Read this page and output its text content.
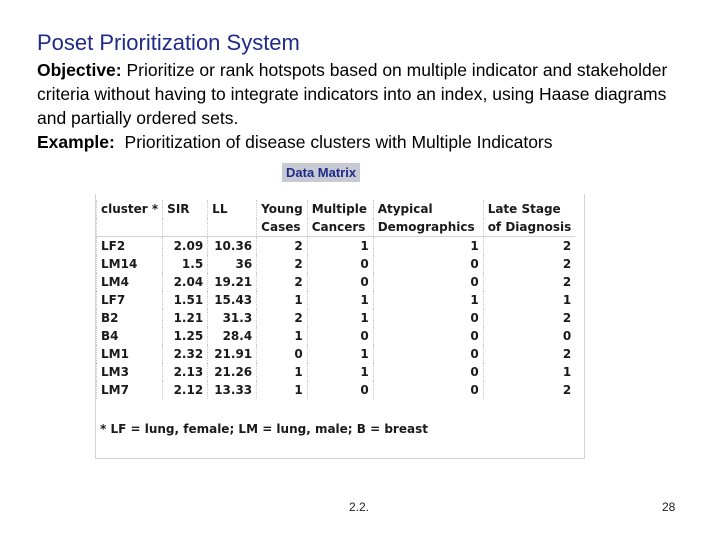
Poset Prioritization System
Objective: Prioritize or rank hotspots based on multiple indicator and stakeholder criteria without having to integrate indicators into an index, using Haase diagrams and partially ordered sets.
Example: Prioritization of disease clusters with Multiple Indicators
Data Matrix
cluster *	SIR	LL	Young	Multiple	Atypical	Late Stage
			Cases	Cancers	Demographics	of Diagnosis
LF2	2.09	10.36	2	1	1	2
LM14	1.5	36	2	0	0	2
LM4	2.04	19.21	2	0	0	2
LF7	1.51	15.43	1	1	1	1
B2	1.21	31.3	2	1	0	2
B4	1.25	28.4	1	0	0	0
LM1	2.32	21.91	0	1	0	2
LM3	2.13	21.26	1	1	0	1
LM7	2.12	13.33	1	0	0	2
* LF = lung, female; LM = lung, male; B = breast
2.2.	28
